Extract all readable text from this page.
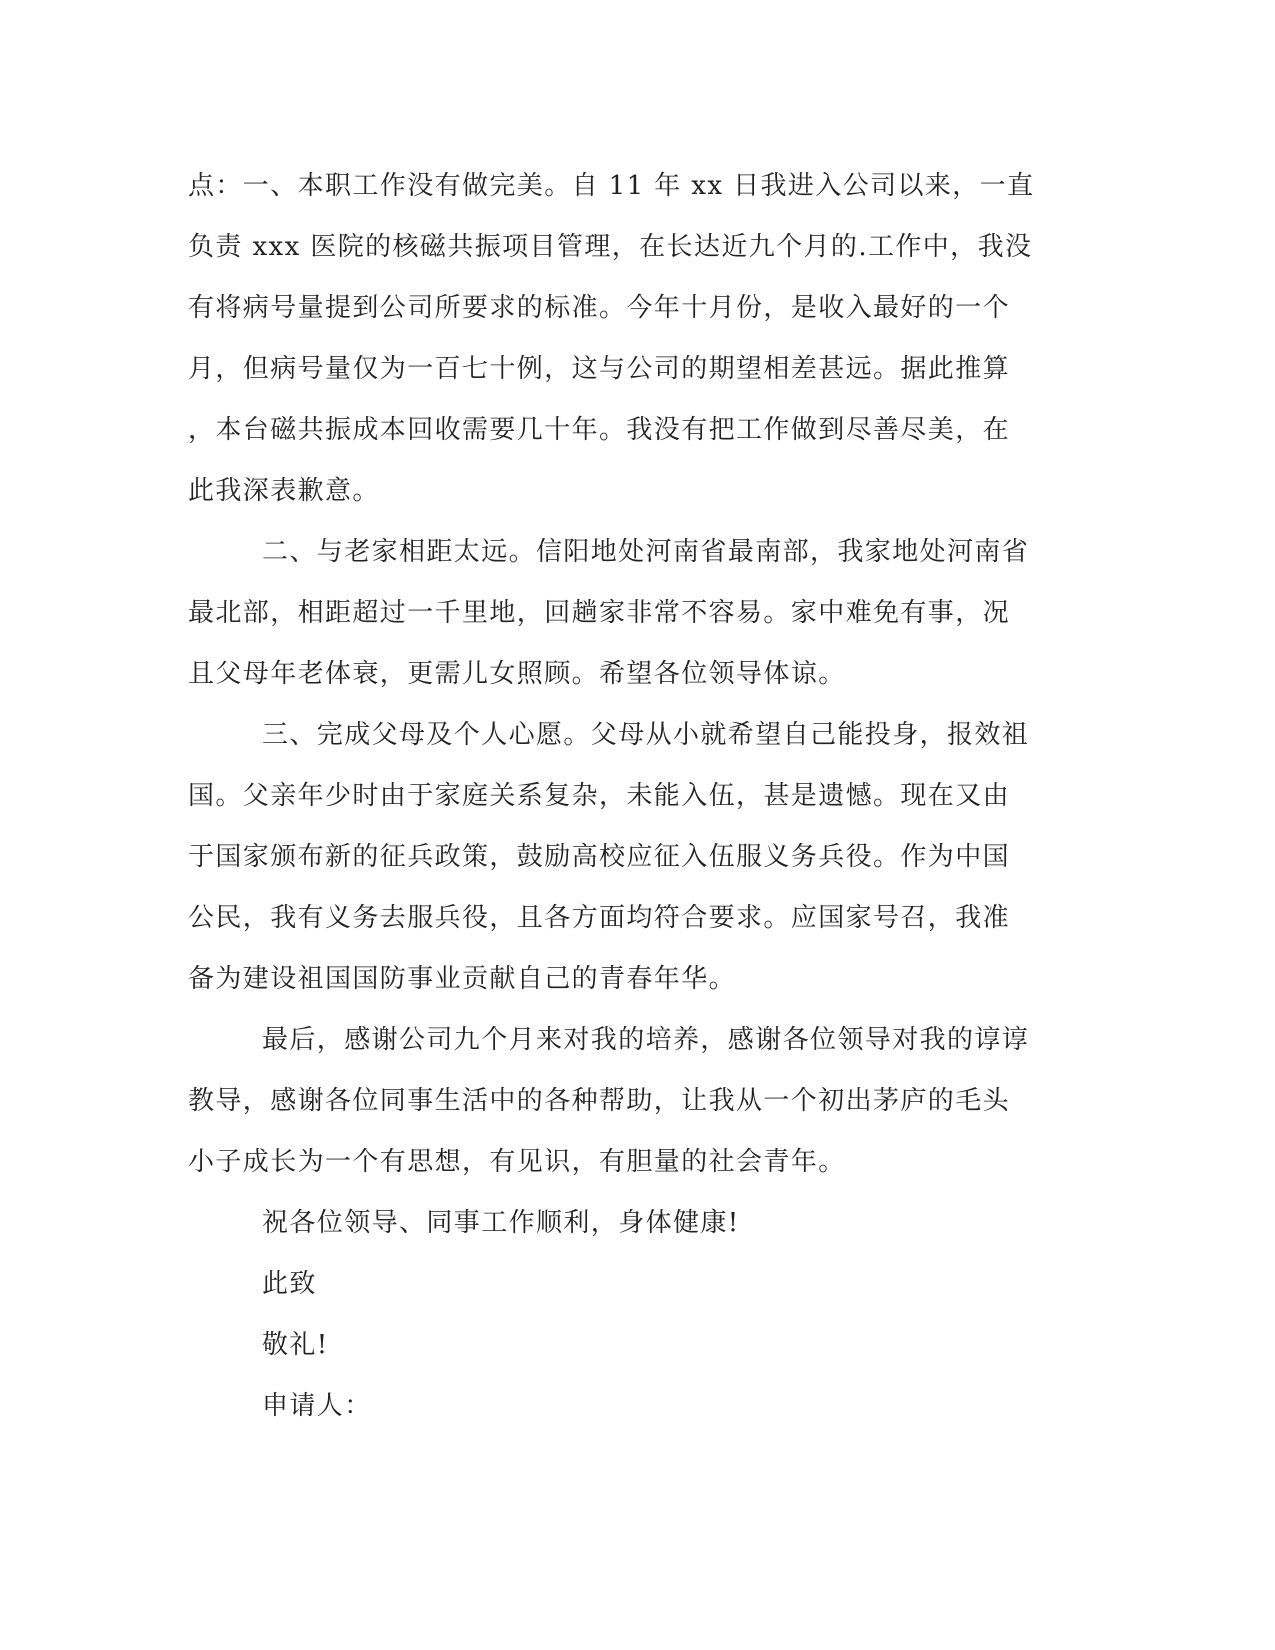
点：一、本职工作没有做完美。自 11 年 xx 日我进入公司以来，一直
负责 xxx 医院的核磁共振项目管理，在长达近九个月的.工作中，我没
有将病号量提到公司所要求的标准。今年十月份，是收入最好的一个
月，但病号量仅为一百七十例，这与公司的期望相差甚远。据此推算
，本台磁共振成本回收需要几十年。我没有把工作做到尽善尽美，在
此我深表歉意。

二、与老家相距太远。信阳地处河南省最南部，我家地处河南省
最北部，相距超过一千里地，回趟家非常不容易。家中难免有事，况
且父母年老体衰，更需儿女照顾。希望各位领导体谅。

三、完成父母及个人心愿。父母从小就希望自己能投身，报效祖
国。父亲年少时由于家庭关系复杂，未能入伍，甚是遗憾。现在又由
于国家颁布新的征兵政策，鼓励高校应征入伍服义务兵役。作为中国
公民，我有义务去服兵役，且各方面均符合要求。应国家号召，我准
备为建设祖国国防事业贡献自己的青春年华。

最后，感谢公司九个月来对我的培养，感谢各位领导对我的谆谆
教导，感谢各位同事生活中的各种帮助，让我从一个初出茅庐的毛头
小子成长为一个有思想，有见识，有胆量的社会青年。

祝各位领导、同事工作顺利，身体健康!

此致

敬礼!

申请人：
